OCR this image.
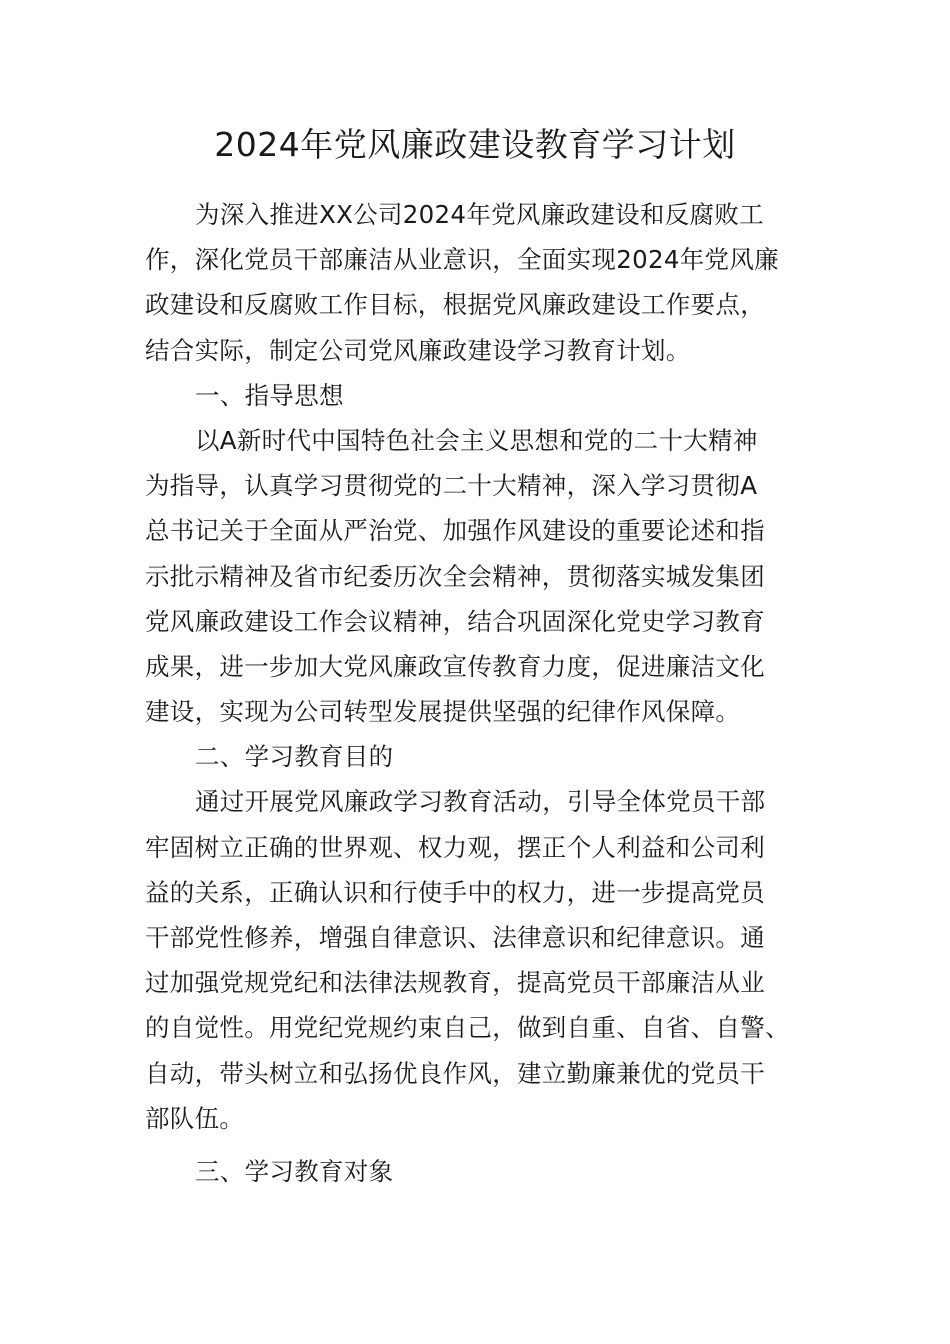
2024年党风廉政建设教育学习计划
为深入推进XX公司2024年党风廉政建设和反腐败工
作，深化党员干部廉洁从业意识，全面实现2024年党风廉
政建设和反腐败工作目标，根据党风廉政建设工作要点，
结合实际，制定公司党风廉政建设学习教育计划。
一、指导思想
以A新时代中国特色社会主义思想和党的二十大精神
为指导，认真学习贯彻党的二十大精神，深入学习贯彻A
总书记关于全面从严治党、加强作风建设的重要论述和指
示批示精神及省市纪委历次全会精神，贯彻落实城发集团
党风廉政建设工作会议精神，结合巩固深化党史学习教育
成果，进一步加大党风廉政宣传教育力度，促进廉洁文化
建设，实现为公司转型发展提供坚强的纪律作风保障。
二、学习教育目的
通过开展党风廉政学习教育活动，引导全体党员干部
牢固树立正确的世界观、权力观，摆正个人利益和公司利
益的关系，正确认识和行使手中的权力，进一步提高党员
干部党性修养，增强自律意识、法律意识和纪律意识。通
过加强党规党纪和法律法规教育，提高党员干部廉洁从业
的自觉性。用党纪党规约束自己，做到自重、自省、自警、
自动，带头树立和弘扬优良作风，建立勤廉兼优的党员干
部队伍。
三、学习教育对象
